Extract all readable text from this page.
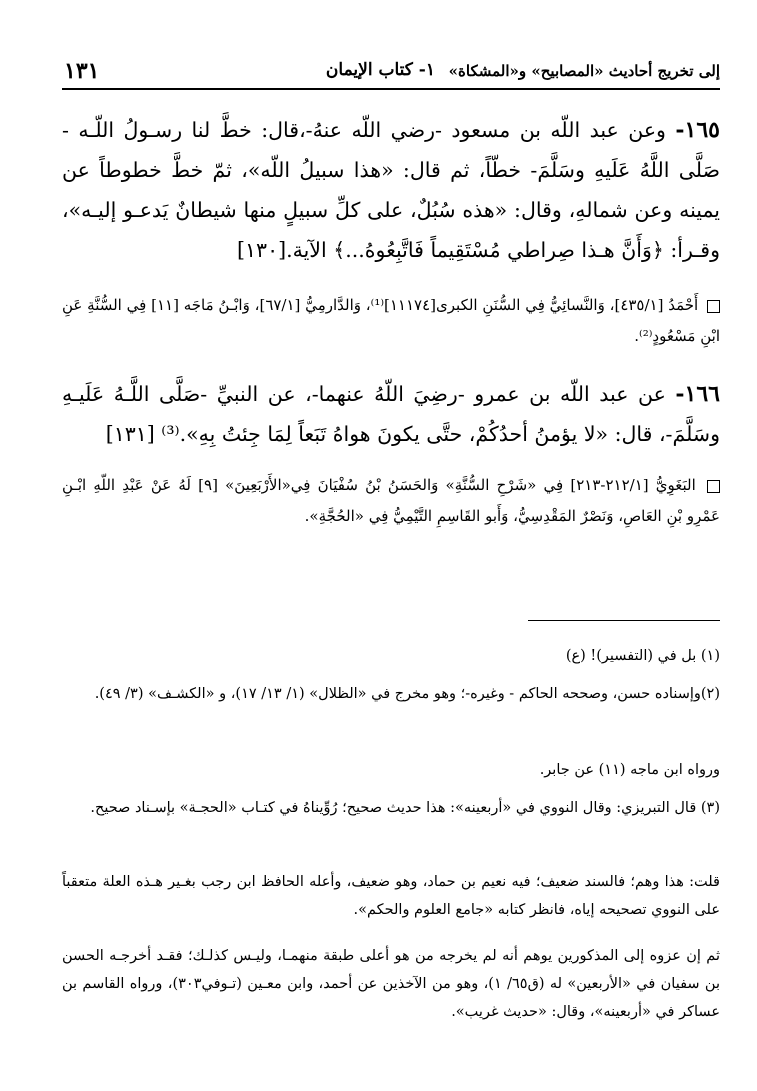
إلى تخريج أحاديث «المصابيح» و«المشكاة»
١- كتاب الإيمان
١٣١
١٦٥- وعن عبد اللّه بن مسعود -رضي اللّه عنهُ-،قال: خطَّ لنا رسـولُ اللّـه - صَلَّى اللَّهُ عَلَيهِ وسَلَّمَ- خطّاً، ثم قال: «هذا سبيلُ اللّه»، ثمّ خطَّ خطوطاً عن يمينه وعن شمالهِ، وقال: «هذه سُبُلٌ، على كلِّ سبيلٍ منها شيطانٌ يَدعـو إليـه»، وقـرأ: ﴿وَأَنَّ هـذا صِراطي مُسْتَقِيماً فَاتَّبِعُوهُ...﴾ الآية.[١٣٠]
أَحْمَدُ [٤٣٥/١]، وَالنَّسائِيُّ فِي السُّنَنِ الكبرى[١١١٧٤]⁽¹⁾، وَالدَّارمِيُّ [٦٧/١]، وَابْـنُ مَاجَه [١١] فِي السُّنَّةِ عَنِ ابْنِ مَسْعُودٍ⁽²⁾.
١٦٦- عن عبد اللّه بن عمرو -رضِيَ اللّهُ عنهما-، عن النبيِّ -صَلَّى اللَّـهُ عَلَيـهِ وسَلَّمَ-، قال: «لا يؤمنُ أحدُكُمْ، حتَّى يكونَ هواهُ تَبَعاً لِمَا جِئتُ بِهِ».⁽³⁾ [١٣١]
البَغَوِيُّ [٢١٢/١-٢١٣] فِي «شَرْحِ السُّنَّةِ» وَالحَسَنُ بْنُ سُفْيَانَ فِي«الأَرْبَعِينَ» [٩] لَهُ عَنْ عَبْدِ اللّهِ ابْـنِ عَمْرِو بْنِ العَاصِ، وَنَصْرٌ المَقْدِسِيُّ، وَأَبو القَاسِمِ التَّيْمِيُّ فِي «الحُجَّةِ».
(١) بل في (التفسير)! (ع)
(٢)وإسناده حسن، وصححه الحاكم - وغيره-؛ وهو مخرج في «الظلال» (١/ ١٣/ ١٧)، و «الكشـف» (٣/ ٤٩).
ورواه ابن ماجه (١١) عن جابر.
(٣) قال التبريزي: وقال النووي في «أربعينه»: هذا حديث صحيح؛ رُوِّيناهُ في كتـاب «الحجـة» بإسـناد صحيح.
قلت: هذا وهم؛ فالسند ضعيف؛ فيه نعيم بن حماد، وهو ضعيف، وأعله الحافظ ابن رجب بغـير هـذه العلة متعقباً على النووي تصحيحه إياه، فانظر كتابه «جامع العلوم والحكم».
ثم إن عزوه إلى المذكورين يوهم أنه لم يخرجه من هو أعلى طبقة منهمـا، وليـس كذلـك؛ فقـد أخرجـه الحسن بن سفيان في «الأربعين» له (ق٦٥/ ١)، وهو من الآخذين عن أحمد، وابن معـين (تـوفي٣٠٣)، ورواه القاسم بن عساكر في «أربعينه»، وقال: «حديث غريب».
